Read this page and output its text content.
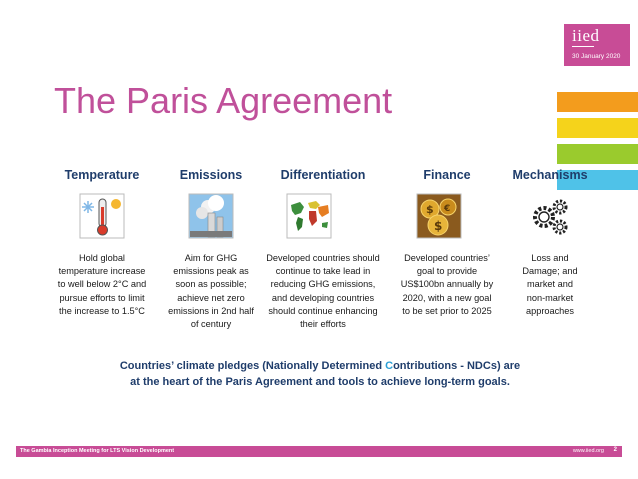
iied
30 January 2020
The Paris Agreement
Temperature
Hold global
temperature increase
to well below 2°C and
pursue efforts to limit
the increase to 1.5°C
Emissions
Aim for GHG
emissions peak as
soon as possible;
achieve net zero
emissions in 2nd half
of century
Differentiation
Developed countries should
continue to take lead in
reducing GHG emissions,
and developing countries
should continue enhancing
their efforts
Finance
$ €
$
Developed countries’
goal to provide
US$100bn annually by
2020, with a new goal
to be set prior to 2025
Mechanisms
Loss and
Damage; and
market and
non-market
approaches
Countries’ climate pledges (Nationally Determined Contributions - NDCs) are
at the heart of the Paris Agreement and tools to achieve long-term goals.
The Gambia Inception Meeting for LTS Vision Development	www.iied.org 2
